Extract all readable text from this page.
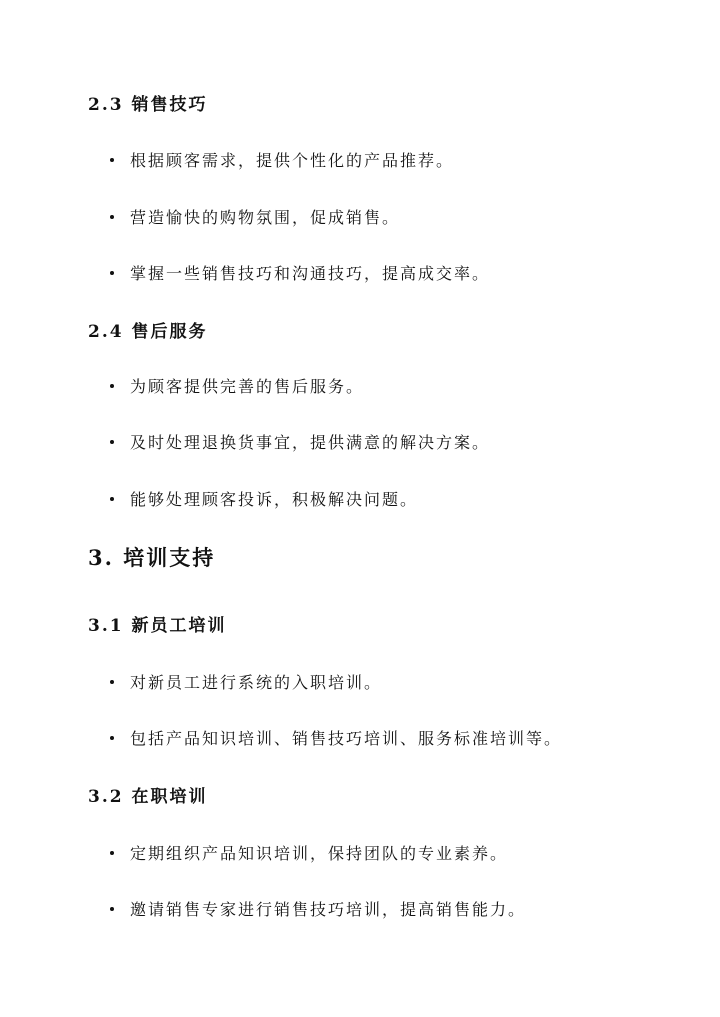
2.3 销售技巧
根据顾客需求，提供个性化的产品推荐。
营造愉快的购物氛围，促成销售。
掌握一些销售技巧和沟通技巧，提高成交率。
2.4 售后服务
为顾客提供完善的售后服务。
及时处理退换货事宜，提供满意的解决方案。
能够处理顾客投诉，积极解决问题。
3. 培训支持
3.1 新员工培训
对新员工进行系统的入职培训。
包括产品知识培训、销售技巧培训、服务标准培训等。
3.2 在职培训
定期组织产品知识培训，保持团队的专业素养。
邀请销售专家进行销售技巧培训，提高销售能力。
